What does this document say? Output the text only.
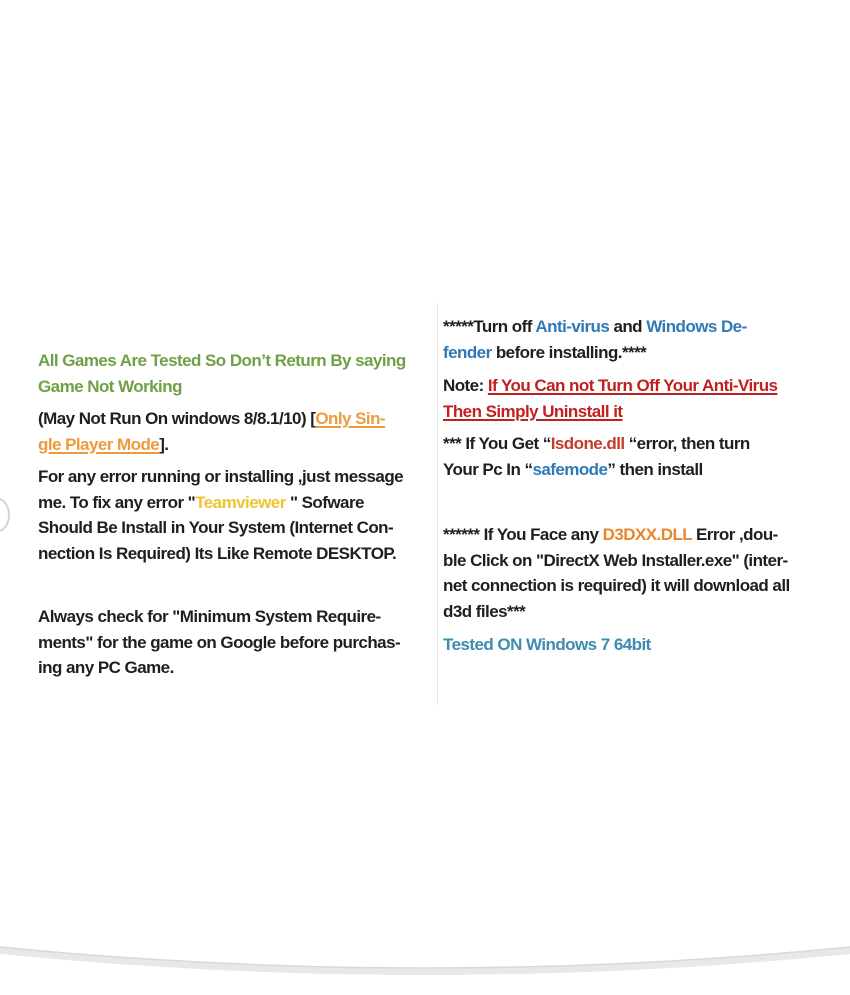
All Games Are Tested So Don’t Return By saying
Game Not Working
(May Not Run On windows 8/8.1/10) [Only Sin-
gle Player Mode].
For any error running or installing ,just message
me. To fix any error "Teamviewer " Sofware
Should Be Install in Your System (Internet Con-
nection Is Required) Its Like Remote DESKTOP.
Always check for "Minimum System Require-
ments" for the game on Google before purchas-
ing any PC Game.
*****Turn off Anti-virus and Windows De-
fender before installing.****
Note: If You Can not Turn Off Your Anti-Virus
Then Simply Uninstall it
*** If You Get “Isdone.dll “error, then turn
Your Pc In “safemode” then install
****** If You Face any D3DXX.DLL Error ,dou-
ble Click on "DirectX Web Installer.exe" (inter-
net connection is required) it will download all
d3d files***
Tested ON Windows 7 64bit
